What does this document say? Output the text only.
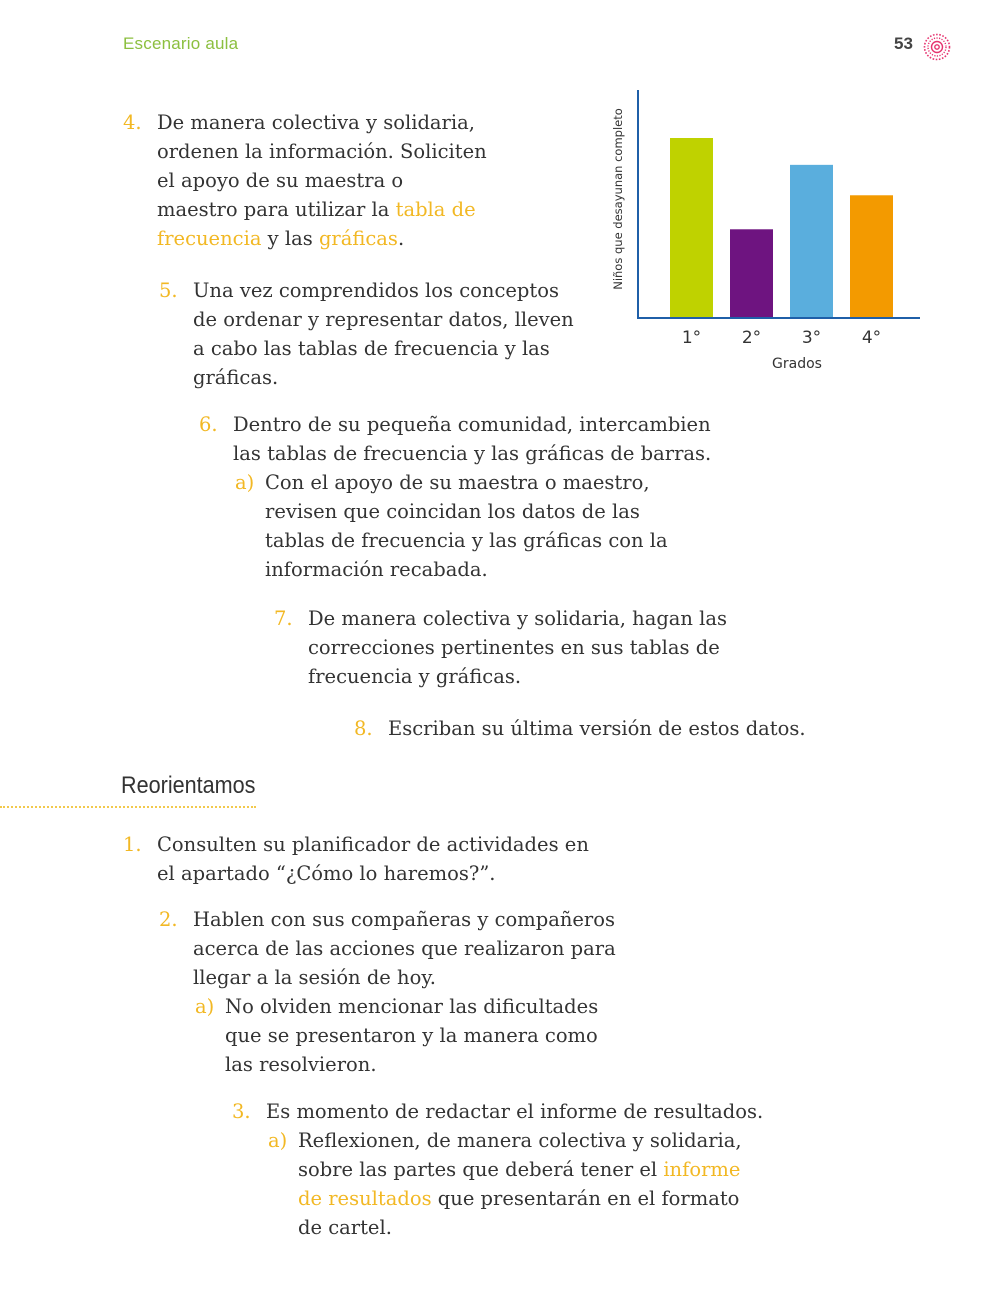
Escenario aula	53
4. De manera colectiva y solidaria,
ordenen la información. Soliciten
el apoyo de su maestra o
maestro para utilizar la tabla de
frecuencia y las gráficas.
5. Una vez comprendidos los conceptos
de ordenar y representar datos, lleven
a cabo las tablas de frecuencia y las
gráficas.
Niños que desayunan completo
1° 2° 3° 4°
Grados
6. Dentro de su pequeña comunidad, intercambien
las tablas de frecuencia y las gráficas de barras.
a) Con el apoyo de su maestra o maestro,
revisen que coincidan los datos de las
tablas de frecuencia y las gráficas con la
información recabada.
7. De manera colectiva y solidaria, hagan las
correcciones pertinentes en sus tablas de
frecuencia y gráficas.
8. Escriban su última versión de estos datos.
Reorientamos
1. Consulten su planificador de actividades en
el apartado “¿Cómo lo haremos?”.
2. Hablen con sus compañeras y compañeros
acerca de las acciones que realizaron para
llegar a la sesión de hoy.
a) No olviden mencionar las dificultades
que se presentaron y la manera como
las resolvieron.
3. Es momento de redactar el informe de resultados.
a) Reflexionen, de manera colectiva y solidaria,
sobre las partes que deberá tener el informe
de resultados que presentarán en el formato
de cartel.
